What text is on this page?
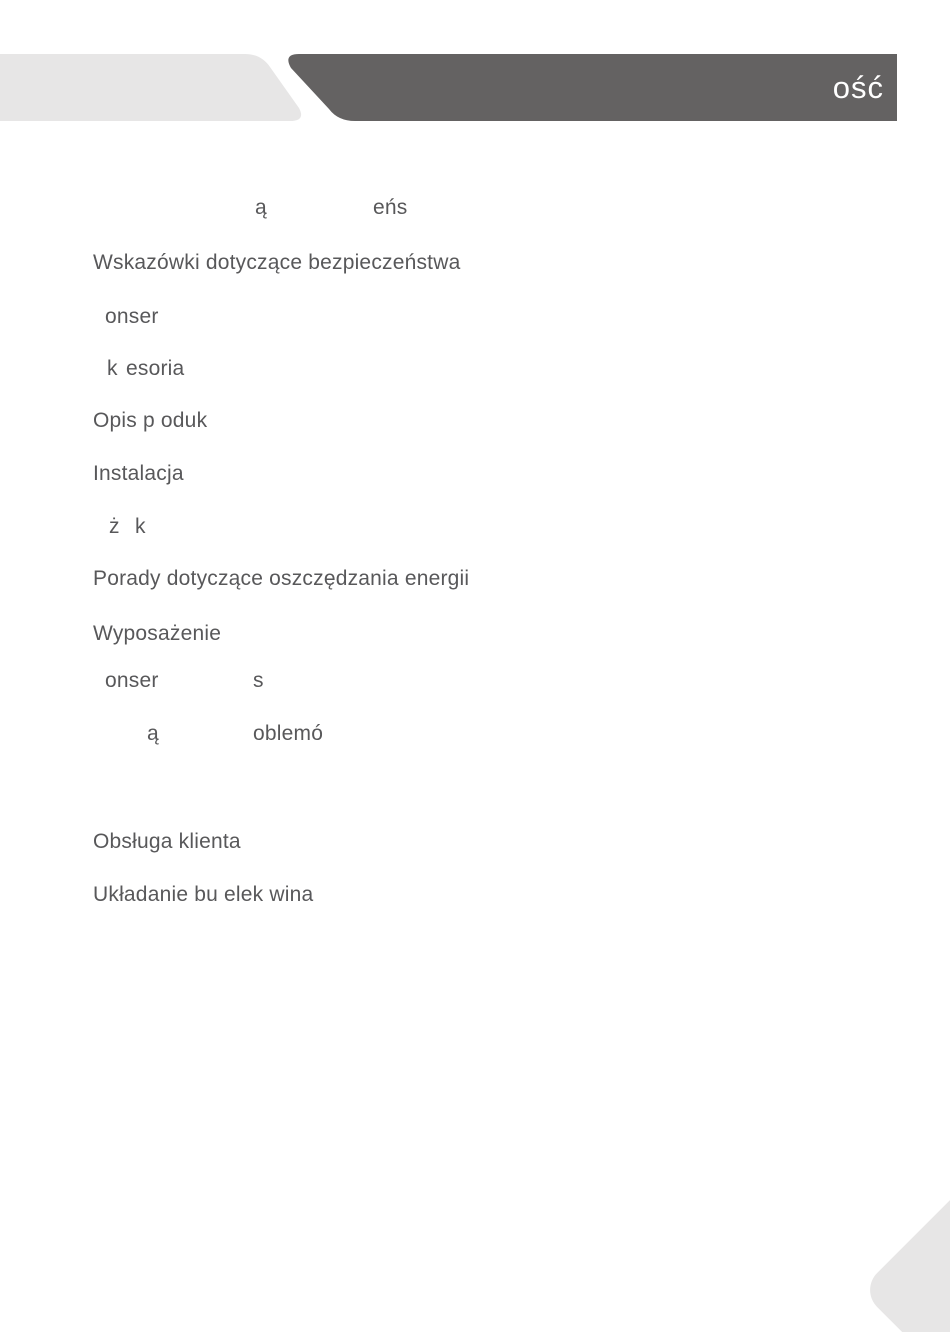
ość
ą	eńs
Wskazówki dotyczące bezpieczeństwa
onser
k esoria
Opis p oduk
Instalacja
ż k
Porady dotyczące oszczędzania energii
Wyposażenie
onser	s
ą	oblemó
Obsługa klienta
Układanie bu elek wina
